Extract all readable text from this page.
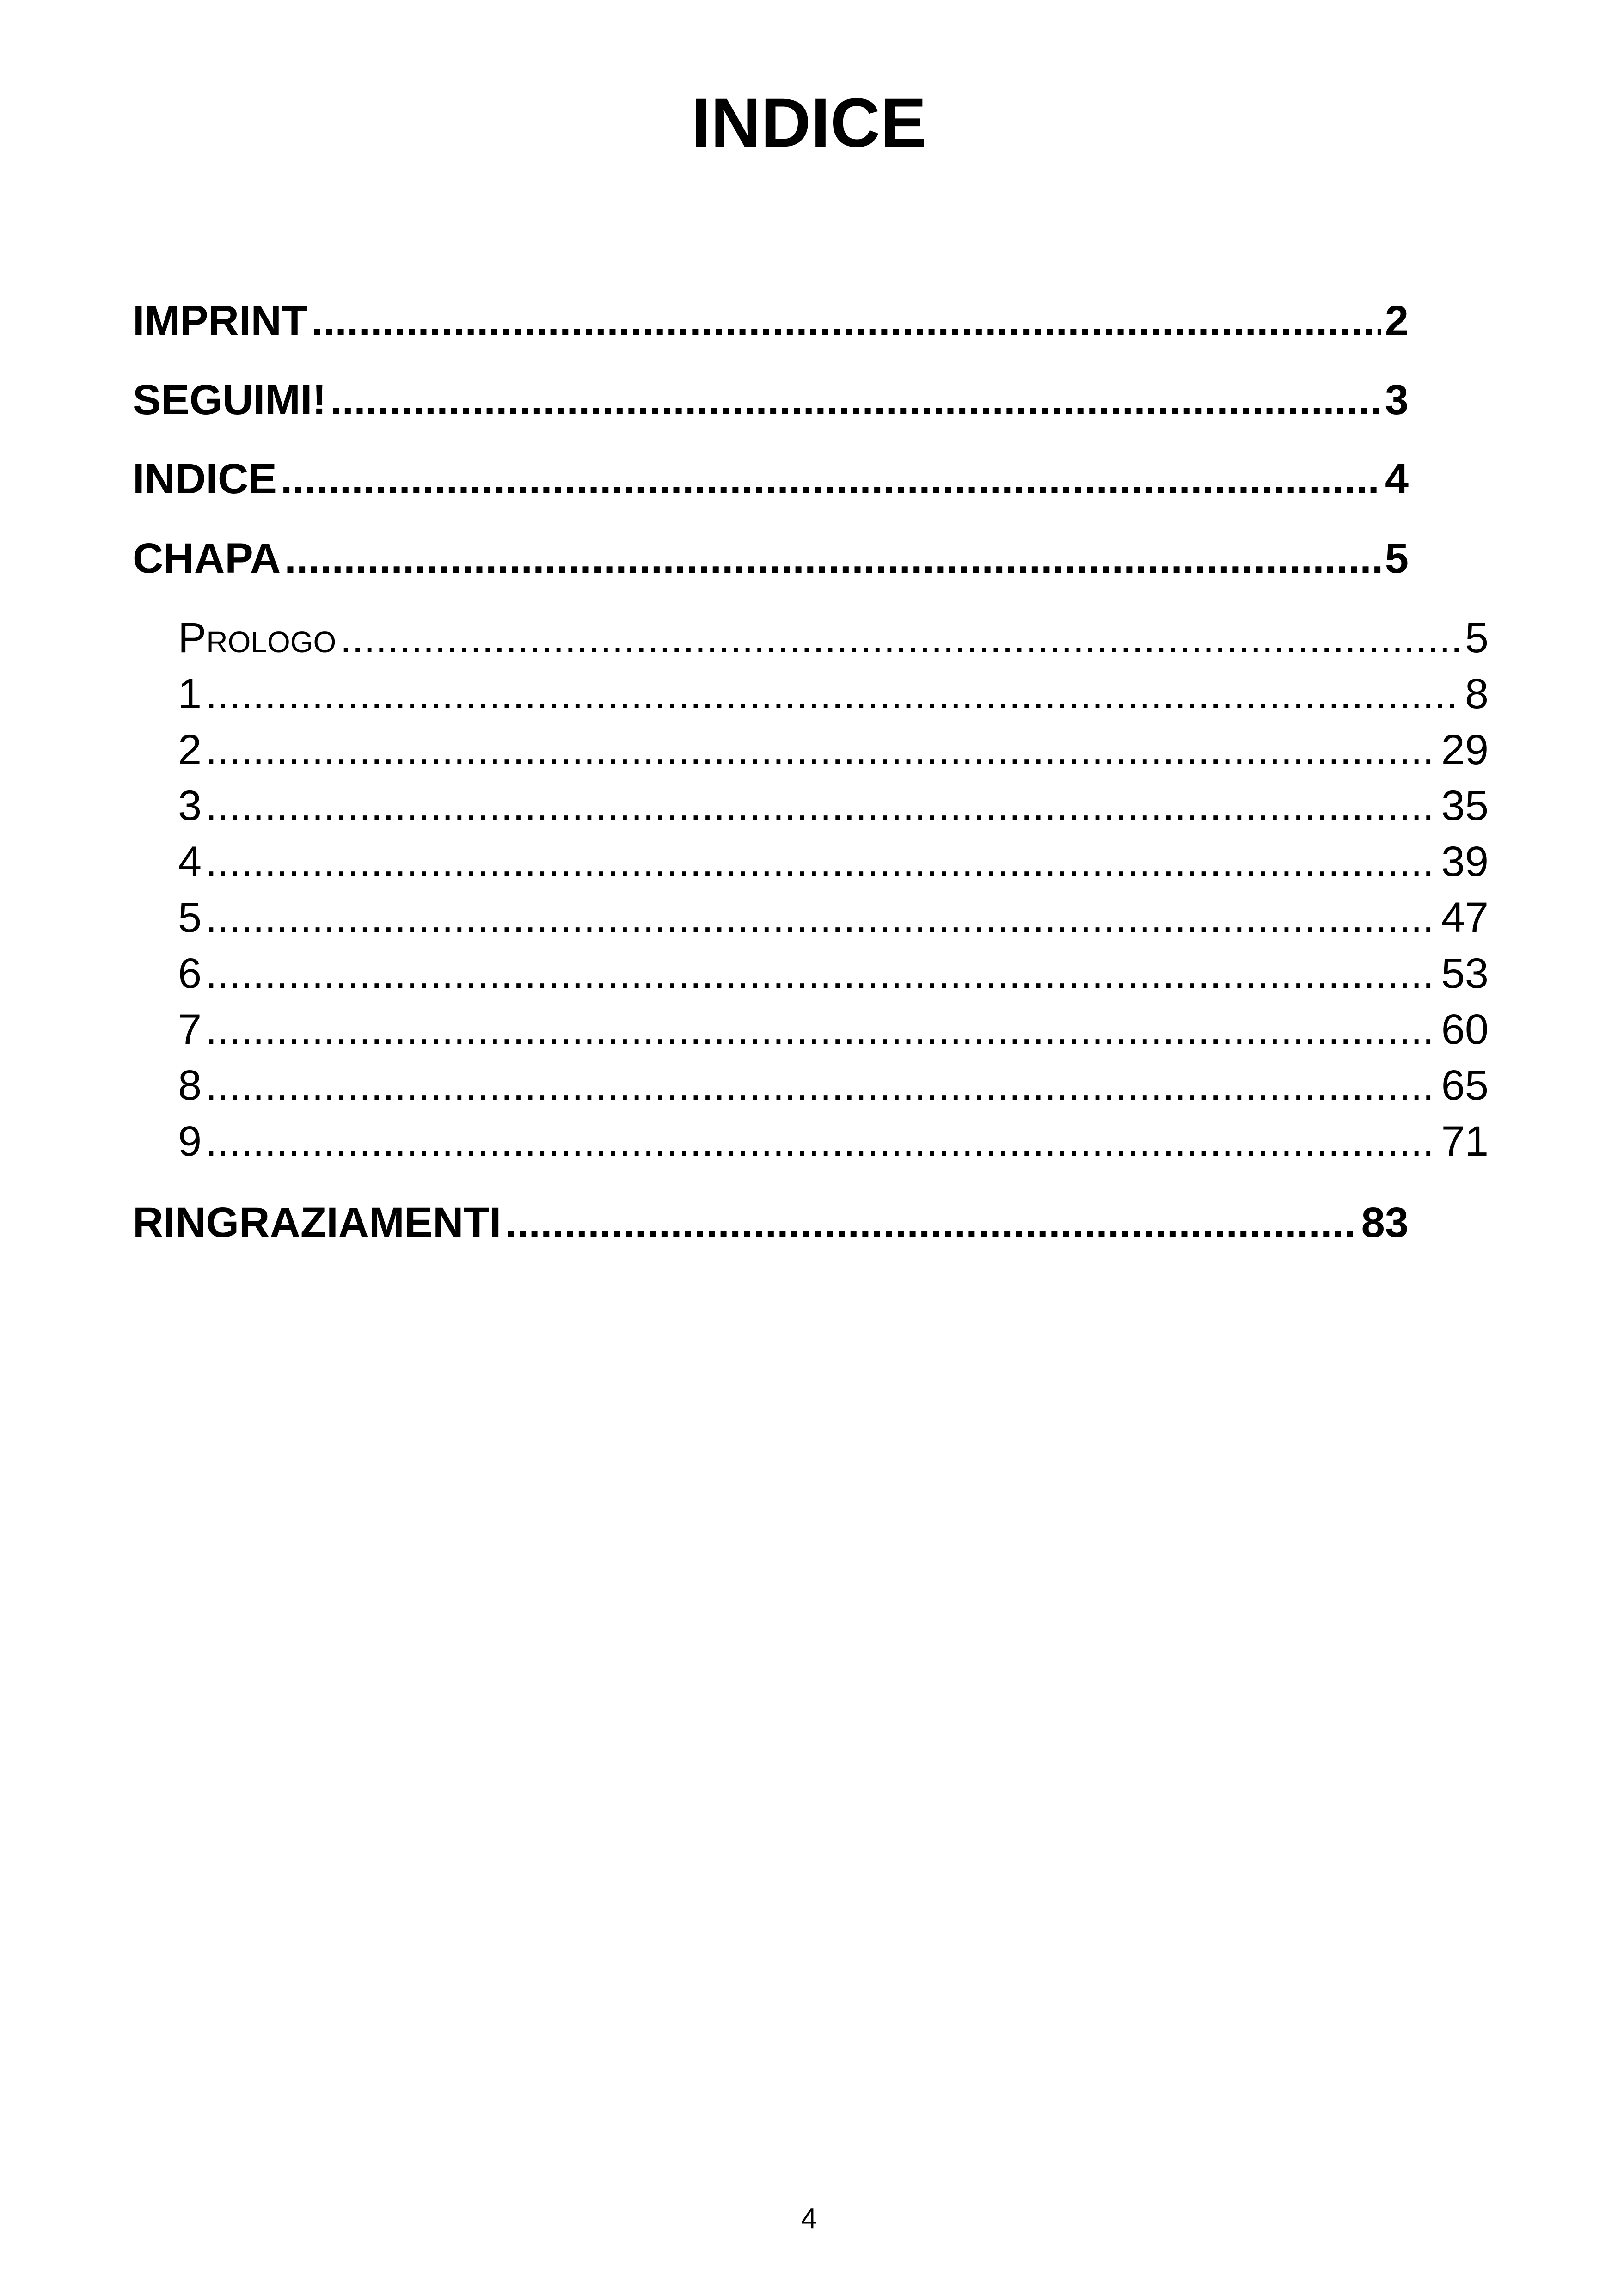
INDICE
IMPRINT .....	2
SEGUIMI! .....	3
INDICE .....	4
CHAPA .....	5
Prologo .....	5
1 .....	8
2 .....	29
3 .....	35
4 .....	39
5 .....	47
6 .....	53
7 .....	60
8 .....	65
9 .....	71
RINGRAZIAMENTI .....	83
4
